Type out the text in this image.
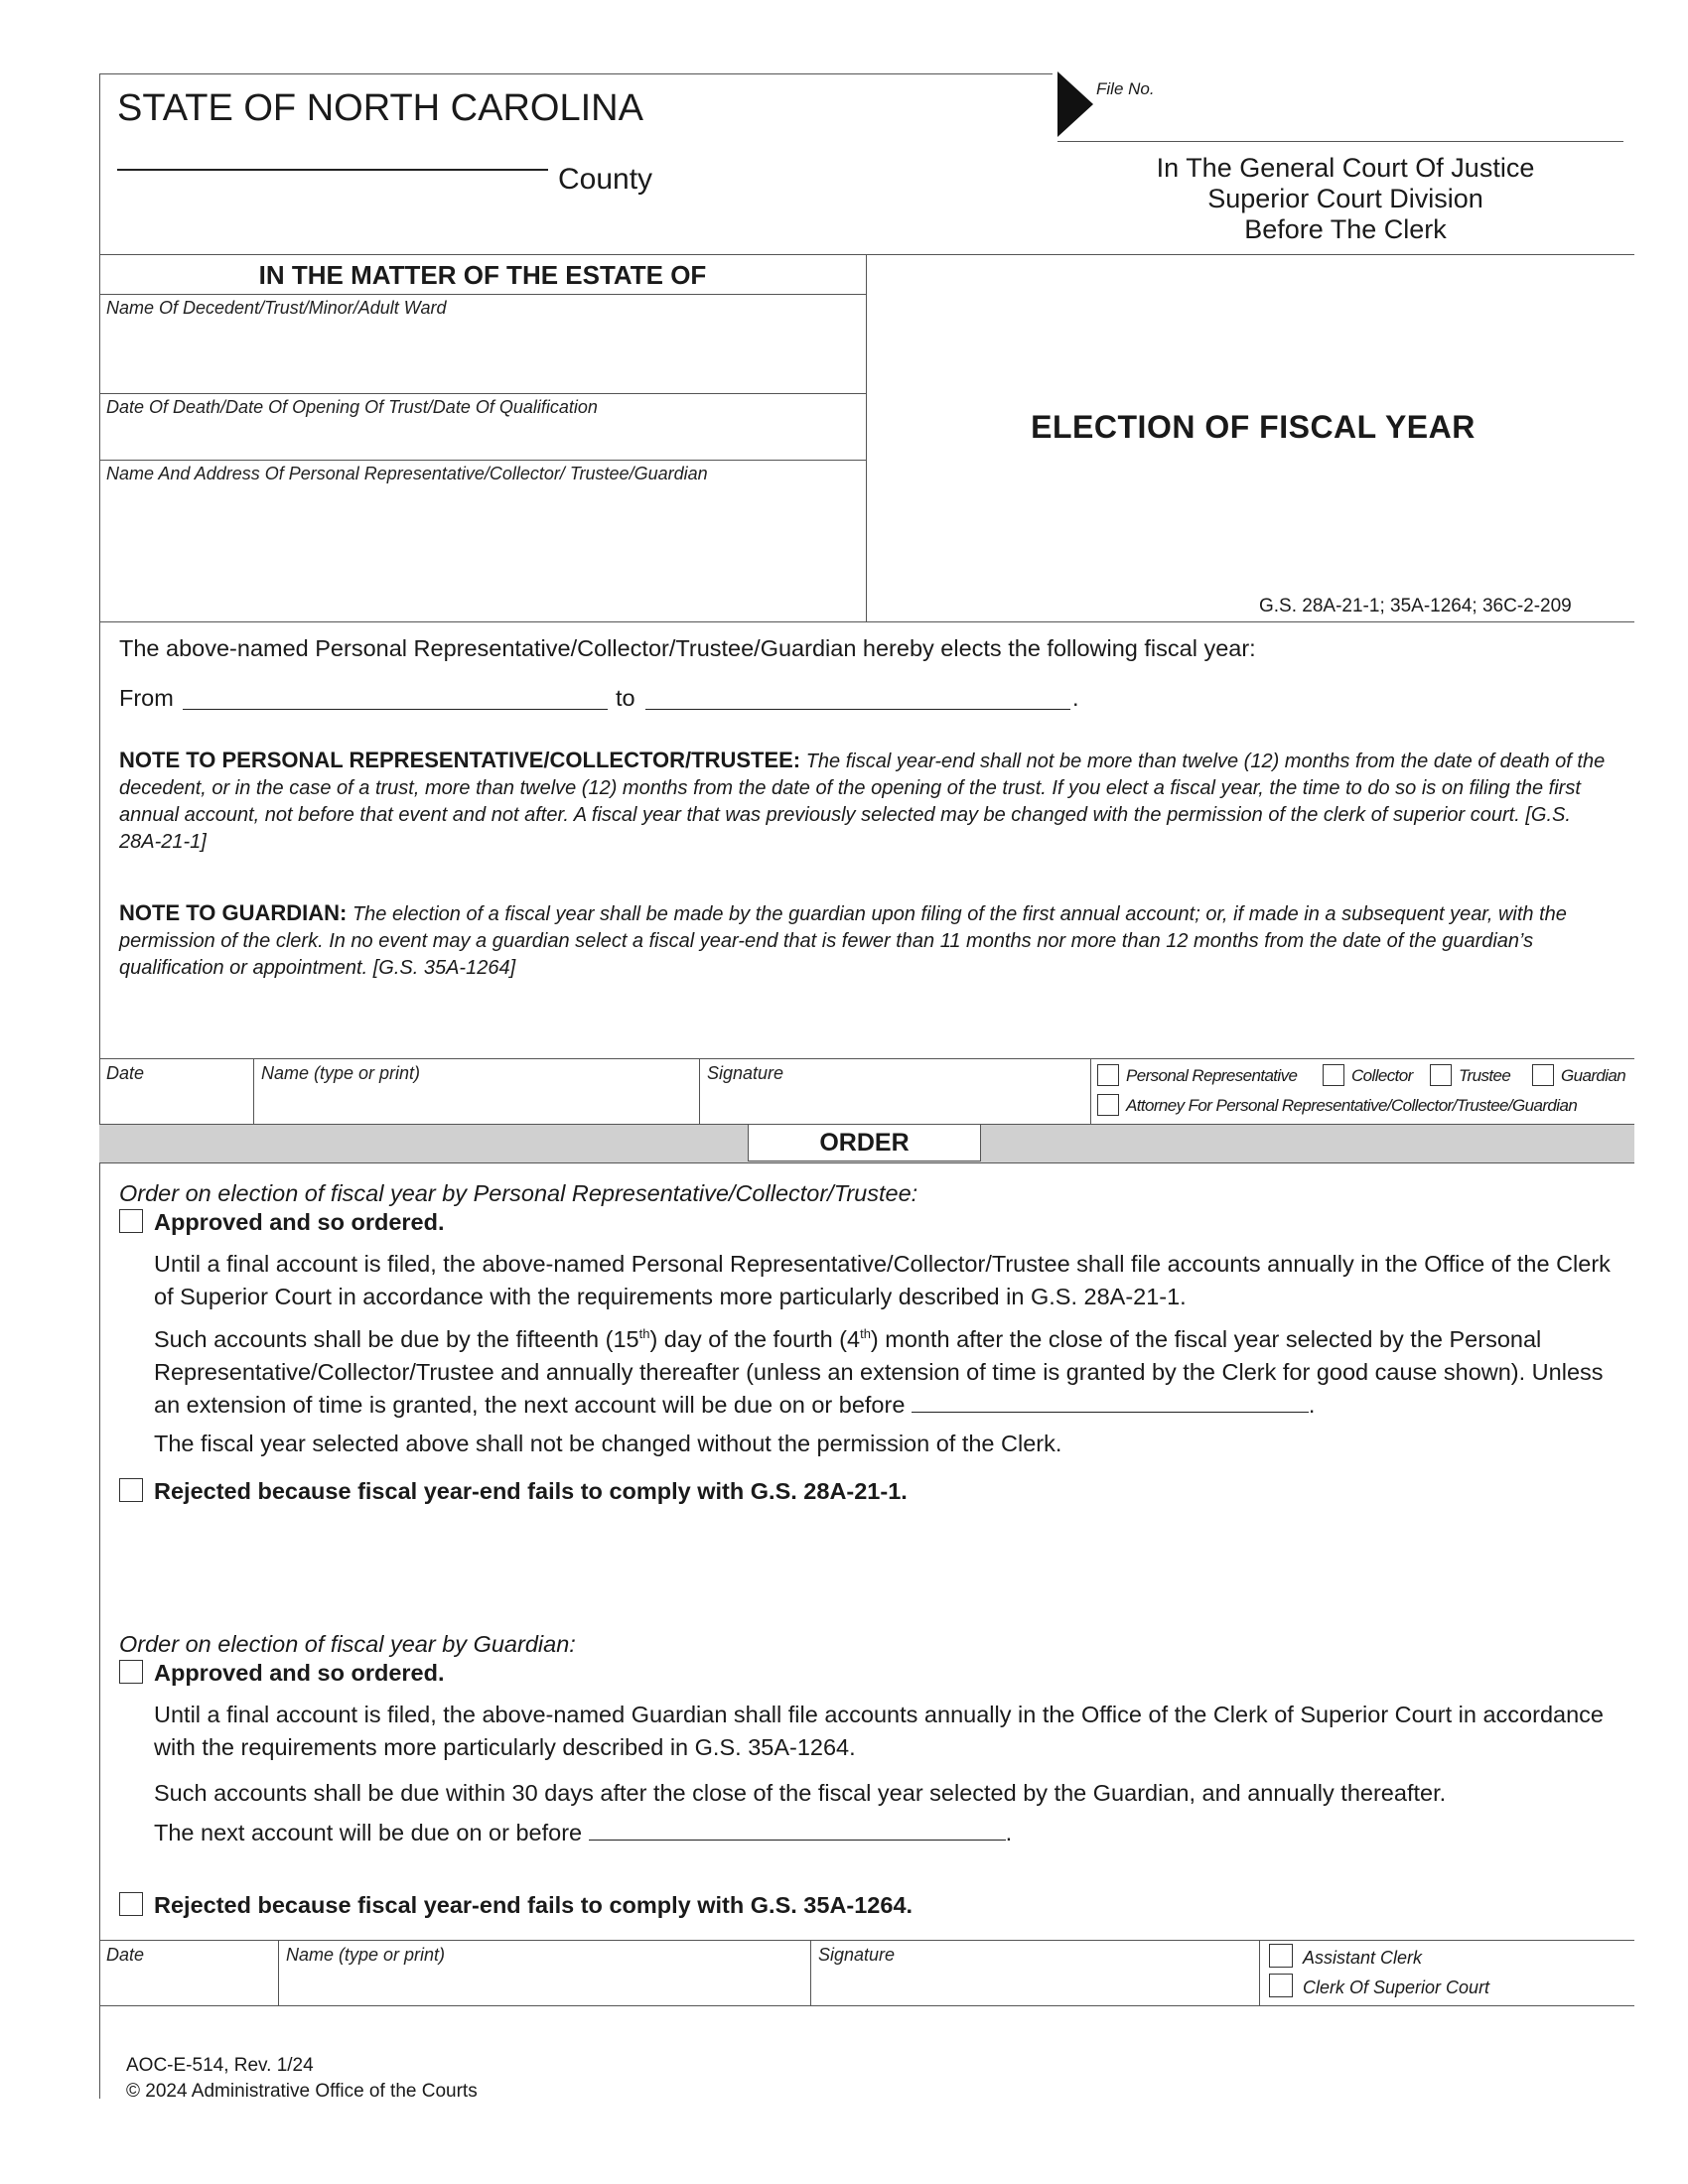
STATE OF NORTH CAROLINA
County
File No.
In The General Court Of Justice
Superior Court Division
Before The Clerk
IN THE MATTER OF THE ESTATE OF
Name Of Decedent/Trust/Minor/Adult Ward
Date Of Death/Date Of Opening Of Trust/Date Of Qualification
Name And Address Of Personal Representative/Collector/ Trustee/Guardian
ELECTION OF FISCAL YEAR
G.S. 28A-21-1; 35A-1264; 36C-2-209
The above-named Personal Representative/Collector/Trustee/Guardian hereby elects the following fiscal year:
From	to	.
NOTE TO PERSONAL REPRESENTATIVE/COLLECTOR/TRUSTEE: The fiscal year-end shall not be more than twelve (12) months from the date of death of the decedent, or in the case of a trust, more than twelve (12) months from the date of the opening of the trust. If you elect a fiscal year, the time to do so is on filing the first annual account, not before that event and not after. A fiscal year that was previously selected may be changed with the permission of the clerk of superior court. [G.S. 28A-21-1]
NOTE TO GUARDIAN: The election of a fiscal year shall be made by the guardian upon filing of the first annual account; or, if made in a subsequent year, with the permission of the clerk. In no event may a guardian select a fiscal year-end that is fewer than 11 months nor more than 12 months from the date of the guardian’s qualification or appointment. [G.S. 35A-1264]
Date	Name (type or print)	Signature	Personal Representative	Collector	Trustee	Guardian
Attorney For Personal Representative/Collector/Trustee/Guardian
ORDER
Order on election of fiscal year by Personal Representative/Collector/Trustee:
Approved and so ordered.
Until a final account is filed, the above-named Personal Representative/Collector/Trustee shall file accounts annually in the Office of the Clerk of Superior Court in accordance with the requirements more particularly described in G.S. 28A-21-1.
Such accounts shall be due by the fifteenth (15th) day of the fourth (4th) month after the close of the fiscal year selected by the Personal Representative/Collector/Trustee and annually thereafter (unless an extension of time is granted by the Clerk for good cause shown). Unless an extension of time is granted, the next account will be due on or before	.
The fiscal year selected above shall not be changed without the permission of the Clerk.
Rejected because fiscal year-end fails to comply with G.S. 28A-21-1.
Order on election of fiscal year by Guardian:
Approved and so ordered.
Until a final account is filed, the above-named Guardian shall file accounts annually in the Office of the Clerk of Superior Court in accordance with the requirements more particularly described in G.S. 35A-1264.
Such accounts shall be due within 30 days after the close of the fiscal year selected by the Guardian, and annually thereafter.
The next account will be due on or before	.
Rejected because fiscal year-end fails to comply with G.S. 35A-1264.
Date	Name (type or print)	Signature	Assistant Clerk
Clerk Of Superior Court
AOC-E-514, Rev. 1/24
© 2024 Administrative Office of the Courts
